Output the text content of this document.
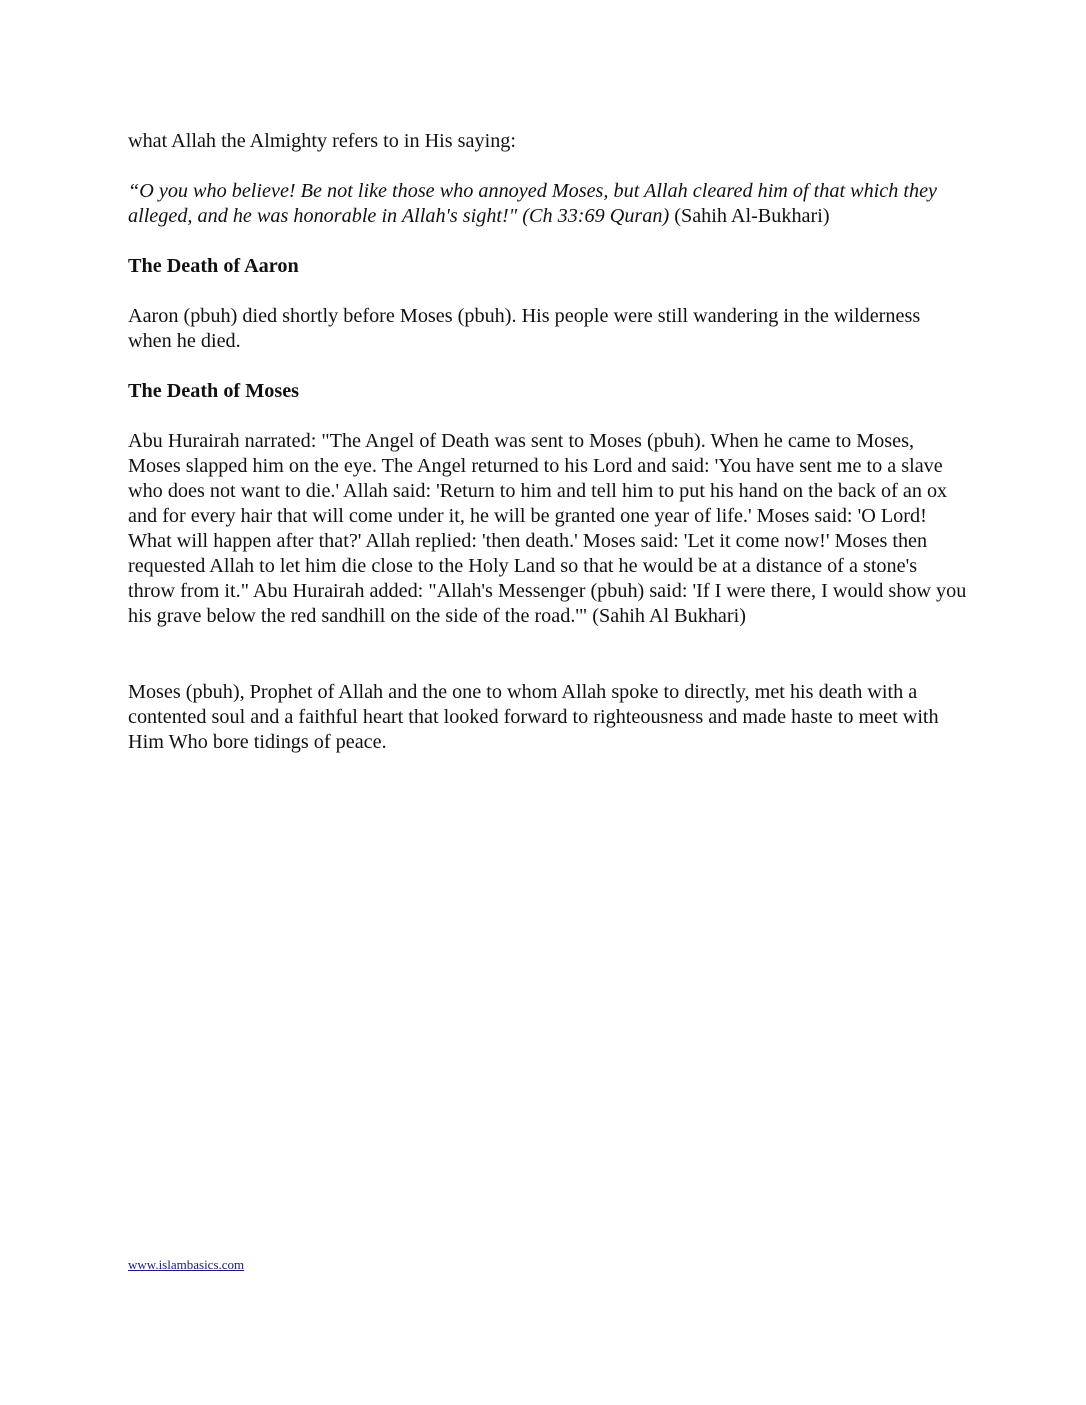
what Allah the Almighty refers to in His saying:

“O you who believe! Be not like those who annoyed Moses, but Allah cleared him of that which they alleged, and he was honorable in Allah's sight!" (Ch 33:69 Quran) (Sahih Al-Bukhari)

The Death of Aaron

Aaron (pbuh) died shortly before Moses (pbuh). His people were still wandering in the wilderness when he died.

The Death of Moses

Abu Hurairah narrated: "The Angel of Death was sent to Moses (pbuh). When he came to Moses, Moses slapped him on the eye. The Angel returned to his Lord and said: 'You have sent me to a slave who does not want to die.' Allah said: 'Return to him and tell him to put his hand on the back of an ox and for every hair that will come under it, he will be granted one year of life.' Moses said: 'O Lord! What will happen after that?' Allah replied: 'then death.' Moses said: 'Let it come now!' Moses then requested Allah to let him die close to the Holy Land so that he would be at a distance of a stone's throw from it." Abu Hurairah added: "Allah's Messenger (pbuh) said: 'If I were there, I would show you his grave below the red sandhill on the side of the road.'" (Sahih Al Bukhari)

Moses (pbuh), Prophet of Allah and the one to whom Allah spoke to directly, met his death with a contented soul and a faithful heart that looked forward to righteousness and made haste to meet with Him Who bore tidings of peace.

www.islambasics.com
